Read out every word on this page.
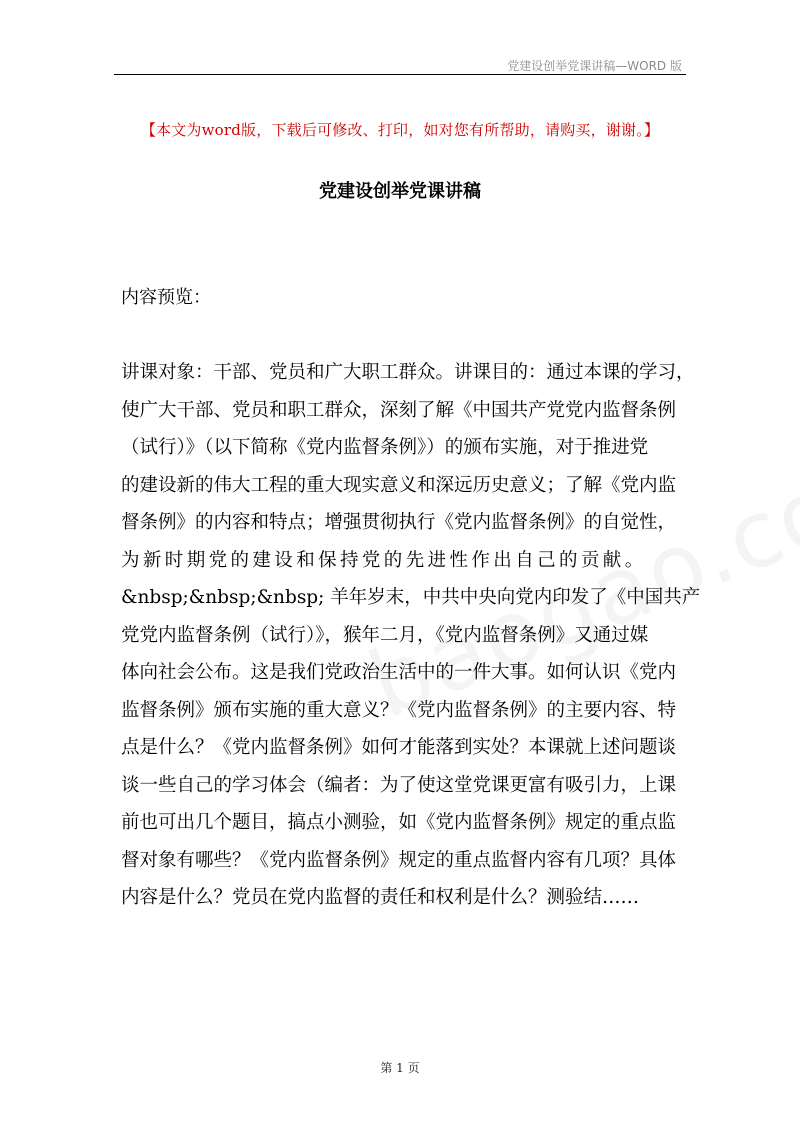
党建设创举党课讲稿—WORD 版
【本文为word版，下载后可修改、打印，如对您有所帮助，请购买，谢谢。】
党建设创举党课讲稿
内容预览：
讲课对象：干部、党员和广大职工群众。讲课目的：通过本课的学习，
使广大干部、党员和职工群众，深刻了解《中国共产党党内监督条例
（试行）》（以下简称《党内监督条例》）的颁布实施，对于推进党
的建设新的伟大工程的重大现实意义和深远历史意义；了解《党内监
督条例》的内容和特点；增强贯彻执行《党内监督条例》的自觉性，
为新时期党的建设和保持党的先进性作出自己的贡献。
&nbsp;&nbsp;&nbsp; 羊年岁末，中共中央向党内印发了《中国共产
党党内监督条例（试行）》，猴年二月，《党内监督条例》又通过媒
体向社会公布。这是我们党政治生活中的一件大事。如何认识《党内
监督条例》颁布实施的重大意义？《党内监督条例》的主要内容、特
点是什么？《党内监督条例》如何才能落到实处？本课就上述问题谈
谈一些自己的学习体会（编者：为了使这堂党课更富有吸引力，上课
前也可出几个题目，搞点小测验，如《党内监督条例》规定的重点监
督对象有哪些？《党内监督条例》规定的重点监督内容有几项？具体
内容是什么？党员在党内监督的责任和权利是什么？测验结……
第 1 页
